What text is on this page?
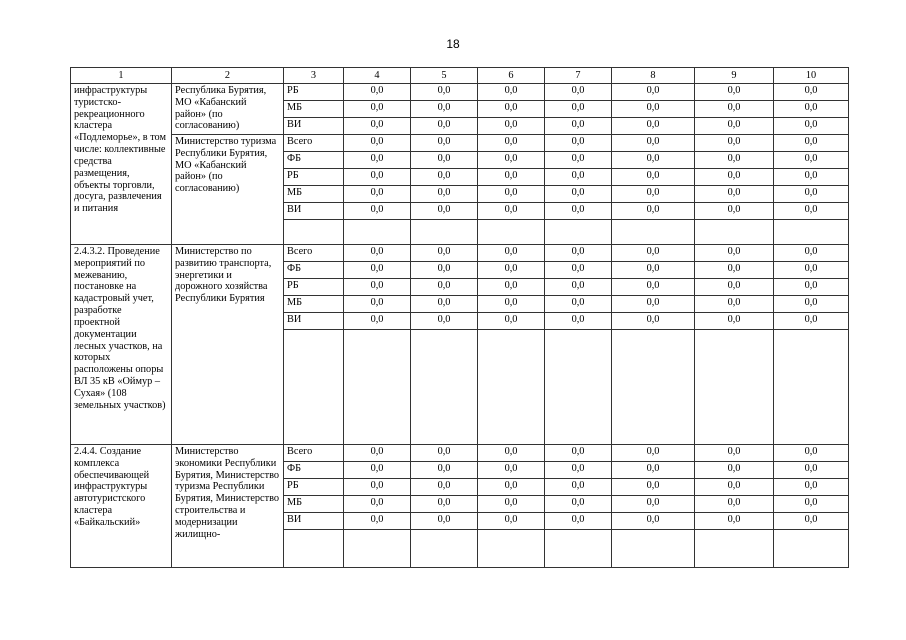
18
1	2	3	4	5	6	7	8	9	10
инфраструктуры туристско-рекреационного кластера «Подлеморье», в том числе: коллективные средства размещения, объекты торговли, досуга, развлечения и питания	Республика Бурятия, МО «Кабанский район» (по согласованию)	РБ	0,0	0,0	0,0	0,0	0,0	0,0	0,0
		МБ	0,0	0,0	0,0	0,0	0,0	0,0	0,0
		ВИ	0,0	0,0	0,0	0,0	0,0	0,0	0,0
	Министерство туризма Республики Бурятия, МО «Кабанский район» (по согласованию)	Всего	0,0	0,0	0,0	0,0	0,0	0,0	0,0
		ФБ	0,0	0,0	0,0	0,0	0,0	0,0	0,0
		РБ	0,0	0,0	0,0	0,0	0,0	0,0	0,0
		МБ	0,0	0,0	0,0	0,0	0,0	0,0	0,0
		ВИ	0,0	0,0	0,0	0,0	0,0	0,0	0,0

2.4.3.2. Проведение мероприятий по межеванию, постановке на кадастровый учет, разработке проектной документации лесных участков, на которых расположены опоры ВЛ 35 кВ «Оймур – Сухая» (108 земельных участков)	Министерство по развитию транспорта, энергетики и дорожного хозяйства Республики Бурятия	Всего	0,0	0,0	0,0	0,0	0,0	0,0	0,0
		ФБ	0,0	0,0	0,0	0,0	0,0	0,0	0,0
		РБ	0,0	0,0	0,0	0,0	0,0	0,0	0,0
		МБ	0,0	0,0	0,0	0,0	0,0	0,0	0,0
		ВИ	0,0	0,0	0,0	0,0	0,0	0,0	0,0

2.4.4. Создание комплекса обеспечивающей инфраструктуры автотуристского кластера «Байкальский»	Министерство экономики Республики Бурятия, Министерство туризма Республики Бурятия, Министерство строительства и модернизации жилищно-	Всего	0,0	0,0	0,0	0,0	0,0	0,0	0,0
		ФБ	0,0	0,0	0,0	0,0	0,0	0,0	0,0
		РБ	0,0	0,0	0,0	0,0	0,0	0,0	0,0
		МБ	0,0	0,0	0,0	0,0	0,0	0,0	0,0
		ВИ	0,0	0,0	0,0	0,0	0,0	0,0	0,0
